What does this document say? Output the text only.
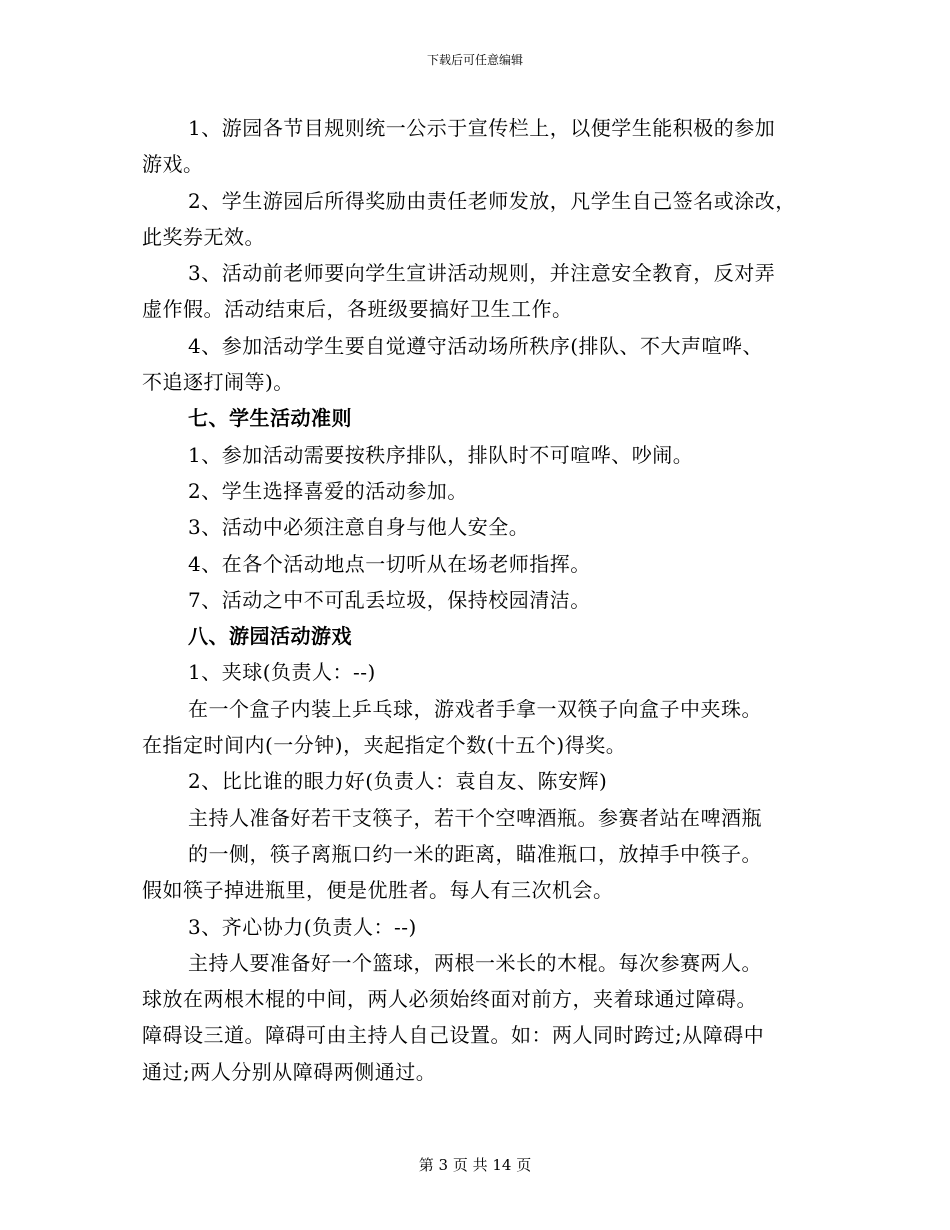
下载后可任意编辑

1、游园各节目规则统一公示于宣传栏上，以便学生能积极的参加

游戏。

2、学生游园后所得奖励由责任老师发放，凡学生自己签名或涂改，

此奖券无效。

3、活动前老师要向学生宣讲活动规则，并注意安全教育，反对弄

虚作假。活动结束后，各班级要搞好卫生工作。

4、参加活动学生要自觉遵守活动场所秩序(排队、不大声喧哗、

不追逐打闹等)。

七、学生活动准则

1、参加活动需要按秩序排队，排队时不可喧哗、吵闹。

2、学生选择喜爱的活动参加。

3、活动中必须注意自身与他人安全。

4、在各个活动地点一切听从在场老师指挥。

7、活动之中不可乱丢垃圾，保持校园清洁。

八、游园活动游戏

1、夹球(负责人：--)

在一个盒子内装上乒乓球，游戏者手拿一双筷子向盒子中夹珠。

在指定时间内(一分钟)，夹起指定个数(十五个)得奖。

2、比比谁的眼力好(负责人：袁自友、陈安辉)

主持人准备好若干支筷子，若干个空啤酒瓶。参赛者站在啤酒瓶

的一侧，筷子离瓶口约一米的距离，瞄准瓶口，放掉手中筷子。

假如筷子掉进瓶里，便是优胜者。每人有三次机会。

3、齐心协力(负责人：--)

主持人要准备好一个篮球，两根一米长的木棍。每次参赛两人。

球放在两根木棍的中间，两人必须始终面对前方，夹着球通过障碍。

障碍设三道。障碍可由主持人自己设置。如：两人同时跨过;从障碍中

通过;两人分别从障碍两侧通过。

第 3 页 共 14 页
